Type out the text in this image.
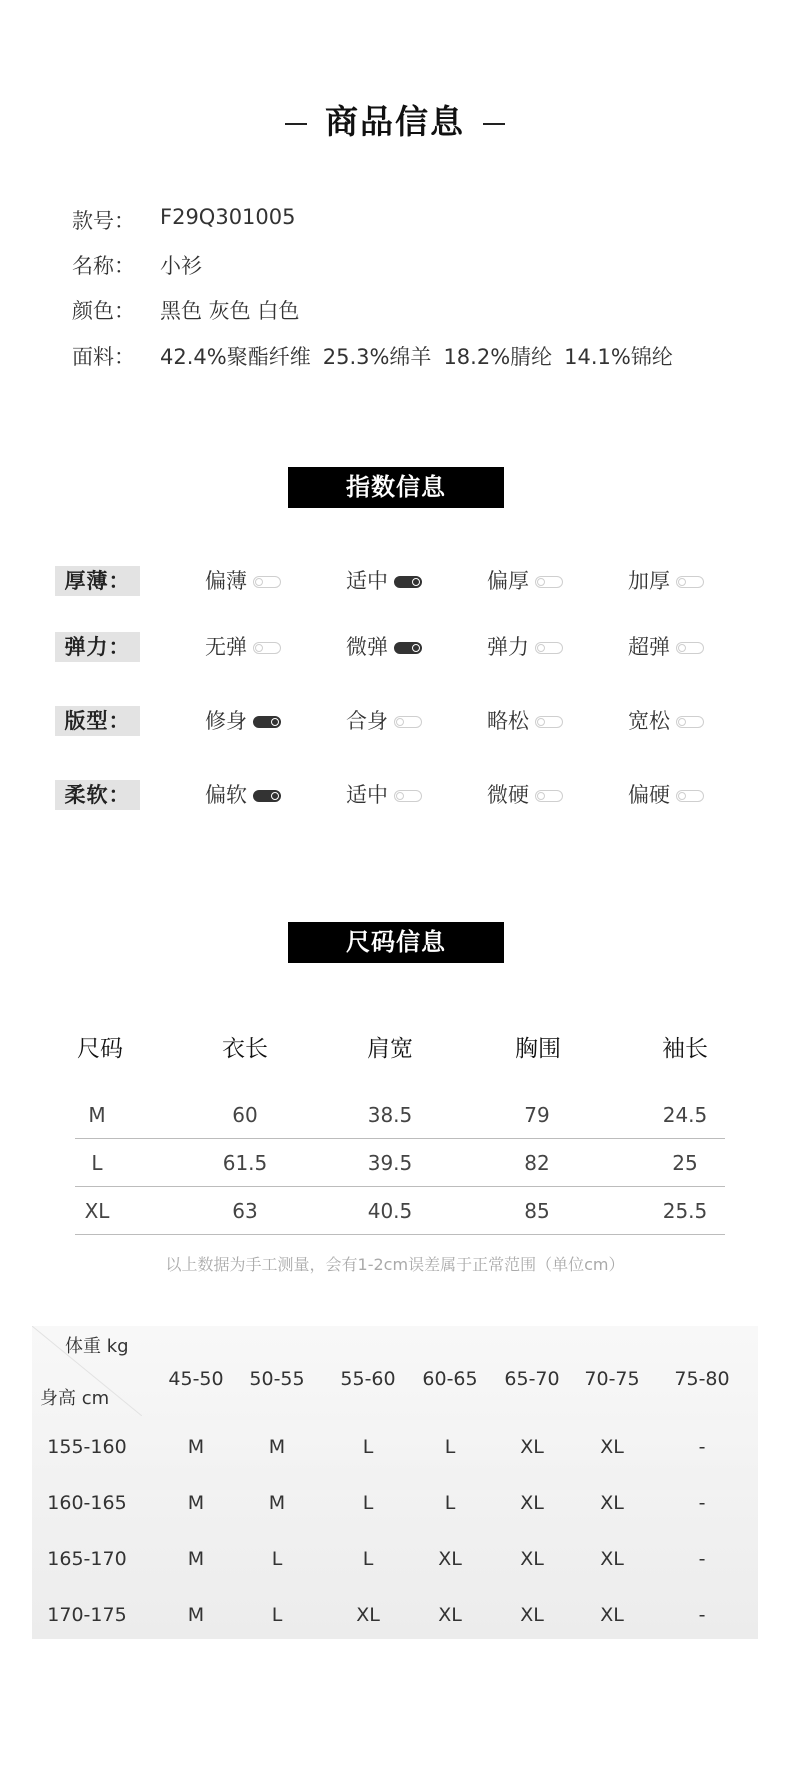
商品信息
款号：	F29Q301005
名称：	小衫
颜色：	黑色 灰色 白色
面料：	42.4%聚酯纤维 25.3%绵羊 18.2%腈纶 14.1%锦纶
指数信息
厚薄：	偏薄	适中	偏厚	加厚
弹力：	无弹	微弹	弹力	超弹
版型：	修身	合身	略松	宽松
柔软：	偏软	适中	微硬	偏硬
尺码信息
尺码	衣长	肩宽	胸围	袖长
M	60	38.5	79	24.5
L	61.5	39.5	82	25
XL	63	40.5	85	25.5
以上数据为手工测量，会有1-2cm误差属于正常范围（单位cm）
体重 kg
身高 cm
45-50	50-55	55-60	60-65	65-70	70-75	75-80
155-160	M	M	L	L	XL	XL	-
160-165	M	M	L	L	XL	XL	-
165-170	M	L	L	XL	XL	XL	-
170-175	M	L	XL	XL	XL	XL	-
